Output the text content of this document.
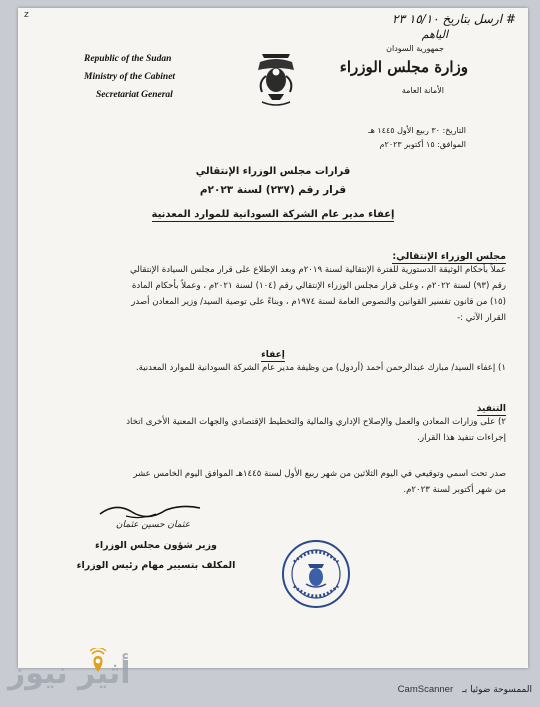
z	# ارسل بتاريخ ١٥/١٠ ٢٣
الياهم
Republic of the Sudan
Ministry of the Cabinet
Secretariat General
جمهورية السودان
وزارة مجلس الوزراء
الأمانة العامة
التاريخ: ٣٠ ربيع الأول ١٤٤٥ هـ
الموافق: ١٥ أكتوبر ٢٠٢٣م
قرارات مجلس الوزراء الإنتقالي
قرار رقم (٢٣٧) لسنة ٢٠٢٣م
إعفاء مدير عام الشركة السودانية للموارد المعدنية
مجلس الوزراء الإنتقالي:
عملاً بأحكام الوثيقة الدستورية للفترة الإنتقالية لسنة ٢٠١٩م وبعد الإطلاع على قرار مجلس السيادة الإنتقالي
رقم (٩٣) لسنة ٢٠٢٢م ، وعلى قرار مجلس الوزراء الإنتقالي رقم (١٠٤) لسنة ٢٠٢١م ، وعملاً بأحكام المادة
(١٥) من قانون تفسير القوانين والنصوص العامة لسنة ١٩٧٤م ، وبناءً على توصية السيد/ وزير المعادن أصدر
القرار الآتي :-
إعفاء
١) إعفاء السيد/ مبارك عبدالرحمن أحمد (أردول) من وظيفة مدير عام الشركة السودانية للموارد المعدنية.
التنفيذ
٢) على وزارات المعادن والعمل والإصلاح الإداري والمالية والتخطيط الإقتصادي والجهات المعنية الأخرى اتخاذ
إجراءات تنفيذ هذا القرار.
صدر تحت اسمي وتوقيعي في اليوم الثلاثين من شهر ربيع الأول لسنة ١٤٤٥هـ الموافق اليوم الخامس عشر
من شهر أكتوبر لسنة ٢٠٢٣م.
عثمان حسين عثمان
وزير شؤون مجلس الوزراء
المكلف بتسيير مهام رئيس الوزراء
أثير نيوز	CamScanner الممسوحة ضوئيا بـ
